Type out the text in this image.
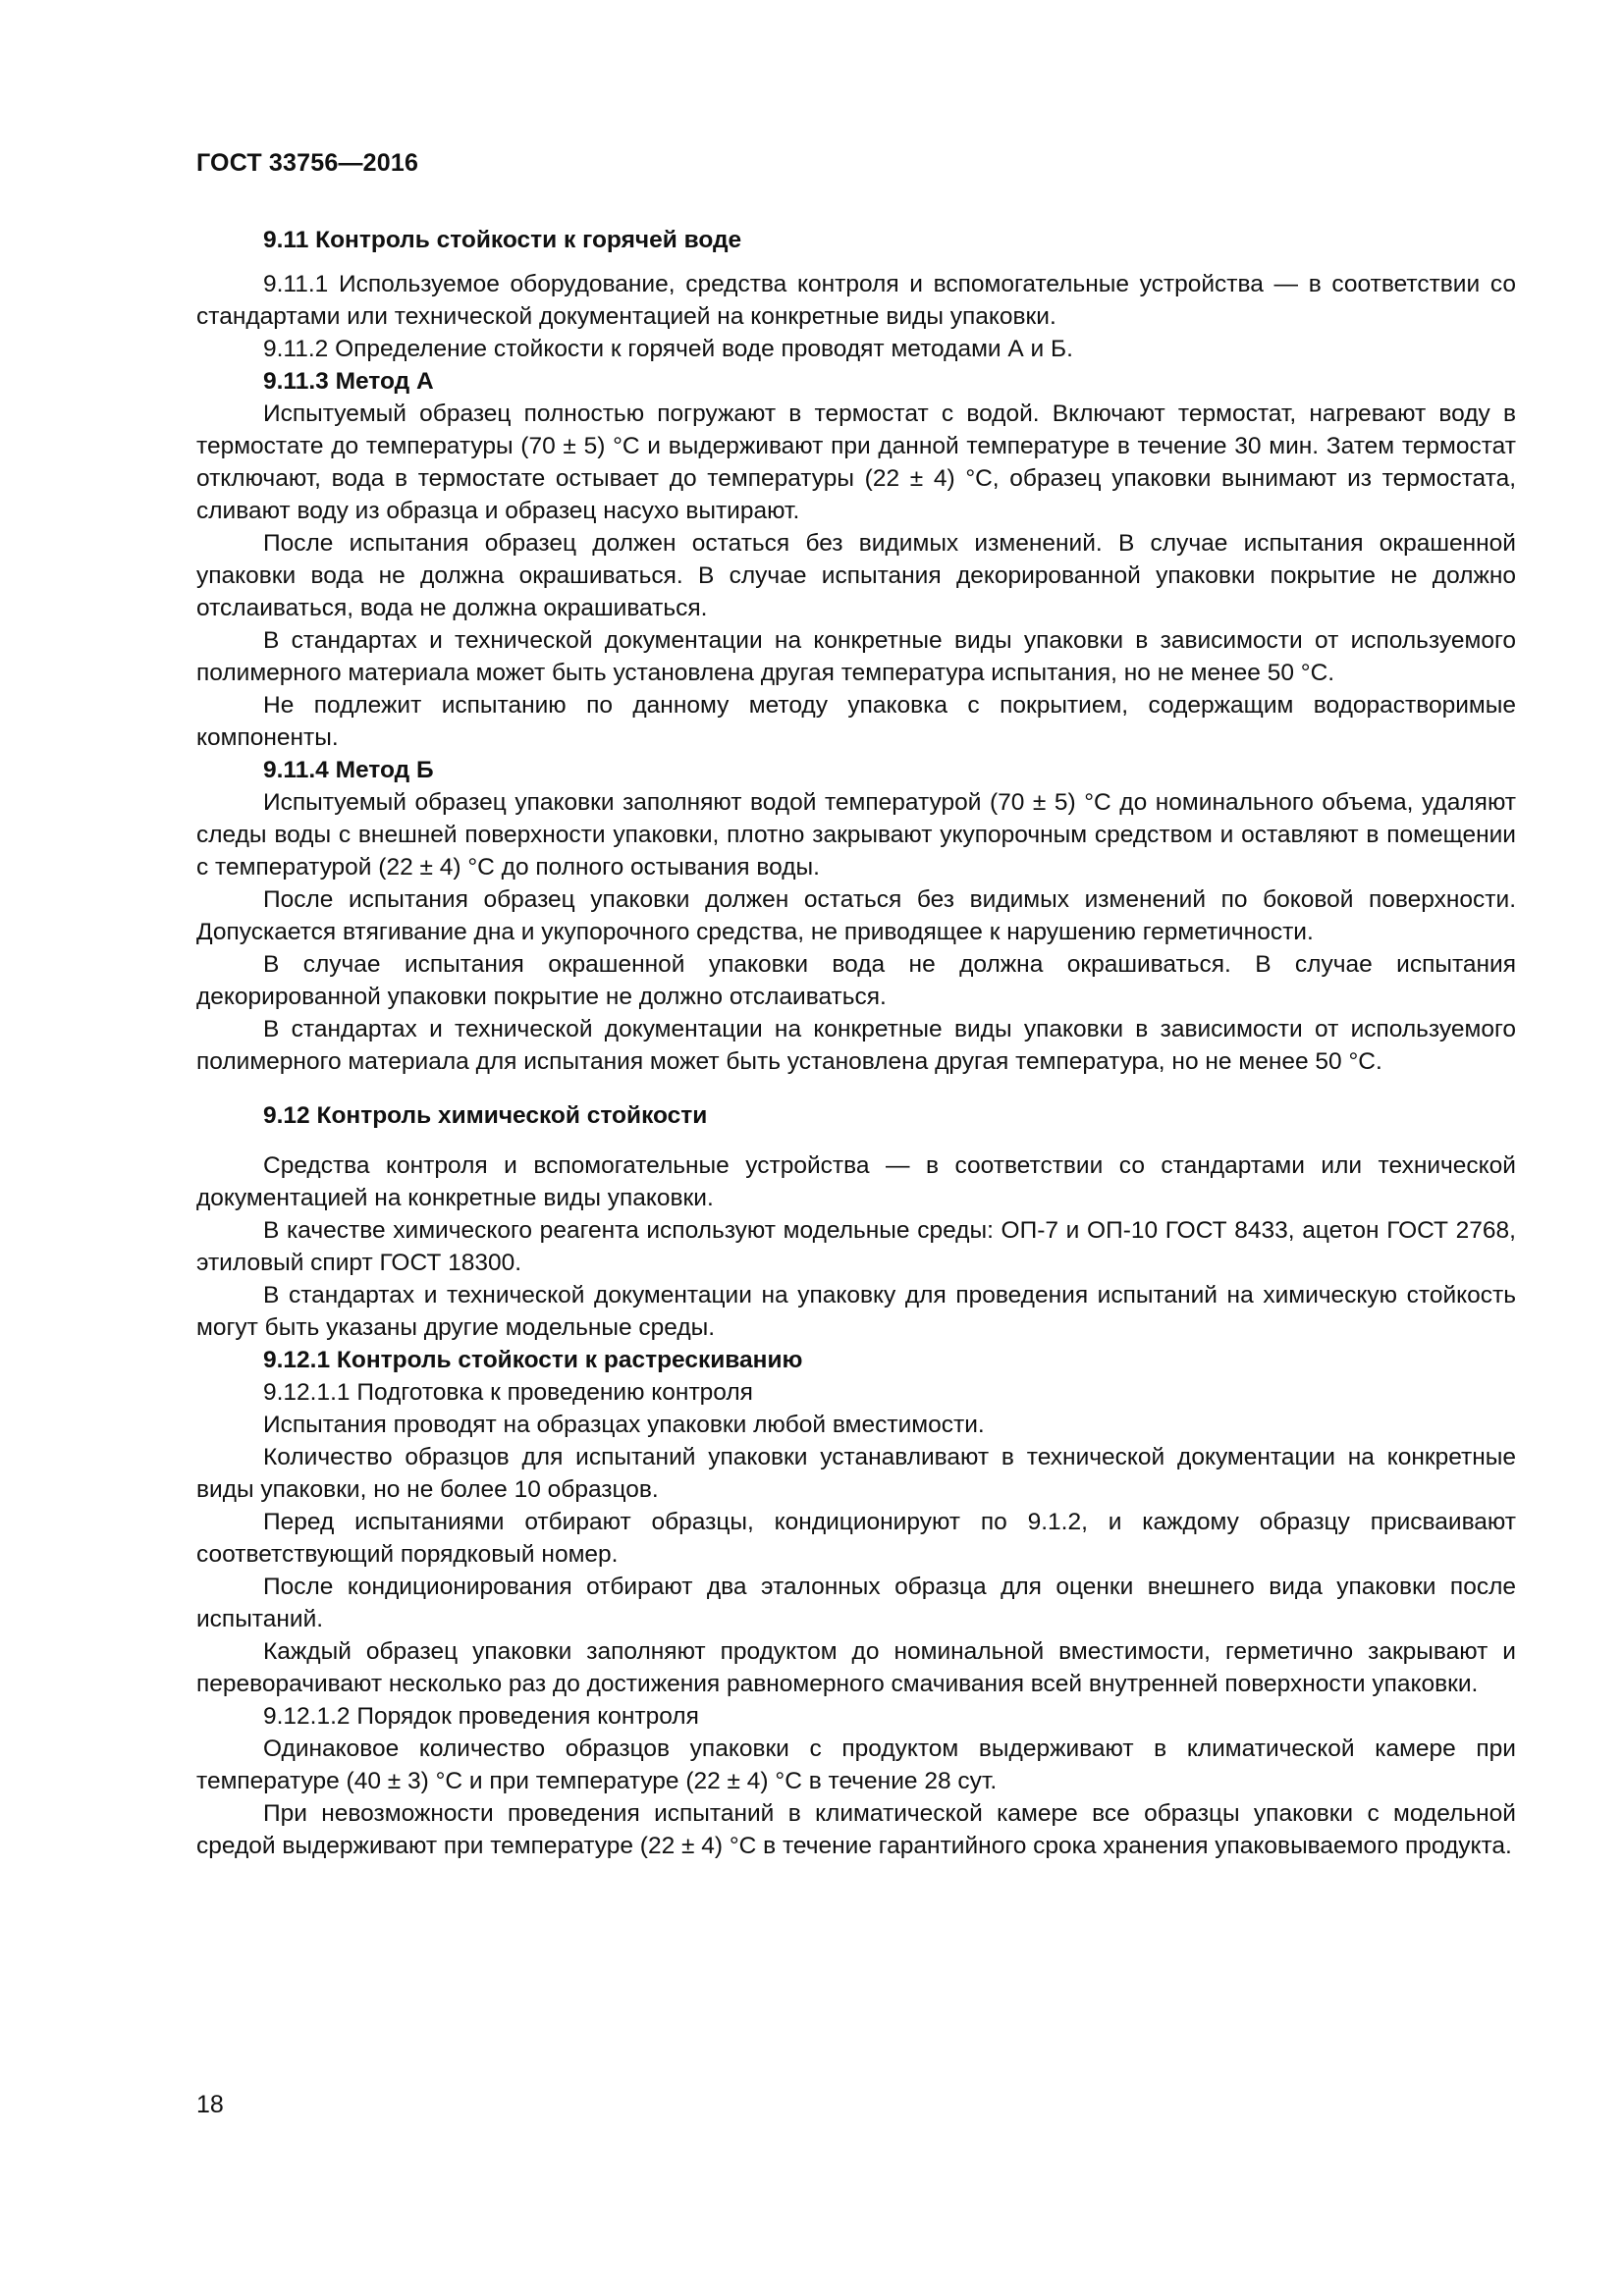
ГОСТ 33756—2016

9.11 Контроль стойкости к горячей воде

9.11.1 Используемое оборудование, средства контроля и вспомогательные устройства — в соответствии со стандартами или технической документацией на конкретные виды упаковки.

9.11.2 Определение стойкости к горячей воде проводят методами А и Б.

9.11.3 Метод А

Испытуемый образец полностью погружают в термостат с водой. Включают термостат, нагревают воду в термостате до температуры (70 ± 5) °С и выдерживают при данной температуре в течение 30 мин. Затем термостат отключают, вода в термостате остывает до температуры (22 ± 4) °С, образец упаковки вынимают из термостата, сливают воду из образца и образец насухо вытирают.

После испытания образец должен остаться без видимых изменений. В случае испытания окрашенной упаковки вода не должна окрашиваться. В случае испытания декорированной упаковки покрытие не должно отслаиваться, вода не должна окрашиваться.

В стандартах и технической документации на конкретные виды упаковки в зависимости от используемого полимерного материала может быть установлена другая температура испытания, но не менее 50 °С.

Не подлежит испытанию по данному методу упаковка с покрытием, содержащим водорастворимые компоненты.

9.11.4 Метод Б

Испытуемый образец упаковки заполняют водой температурой (70 ± 5) °С до номинального объема, удаляют следы воды с внешней поверхности упаковки, плотно закрывают укупорочным средством и оставляют в помещении с температурой (22 ± 4) °С до полного остывания воды.

После испытания образец упаковки должен остаться без видимых изменений по боковой поверхности. Допускается втягивание дна и укупорочного средства, не приводящее к нарушению герметичности.

В случае испытания окрашенной упаковки вода не должна окрашиваться. В случае испытания декорированной упаковки покрытие не должно отслаиваться.

В стандартах и технической документации на конкретные виды упаковки в зависимости от используемого полимерного материала для испытания может быть установлена другая температура, но не менее 50 °С.

9.12 Контроль химической стойкости

Средства контроля и вспомогательные устройства — в соответствии со стандартами или технической документацией на конкретные виды упаковки.

В качестве химического реагента используют модельные среды: ОП-7 и ОП-10 ГОСТ 8433, ацетон ГОСТ 2768, этиловый спирт ГОСТ 18300.

В стандартах и технической документации на упаковку для проведения испытаний на химическую стойкость могут быть указаны другие модельные среды.

9.12.1 Контроль стойкости к растрескиванию

9.12.1.1 Подготовка к проведению контроля

Испытания проводят на образцах упаковки любой вместимости.

Количество образцов для испытаний упаковки устанавливают в технической документации на конкретные виды упаковки, но не более 10 образцов.

Перед испытаниями отбирают образцы, кондиционируют по 9.1.2, и каждому образцу присваивают соответствующий порядковый номер.

После кондиционирования отбирают два эталонных образца для оценки внешнего вида упаковки после испытаний.

Каждый образец упаковки заполняют продуктом до номинальной вместимости, герметично закрывают и переворачивают несколько раз до достижения равномерного смачивания всей внутренней поверхности упаковки.

9.12.1.2 Порядок проведения контроля

Одинаковое количество образцов упаковки с продуктом выдерживают в климатической камере при температуре (40 ± 3) °С и при температуре (22 ± 4) °С в течение 28 сут.

При невозможности проведения испытаний в климатической камере все образцы упаковки с модельной средой выдерживают при температуре (22 ± 4) °С в течение гарантийного срока хранения упаковываемого продукта.

18
